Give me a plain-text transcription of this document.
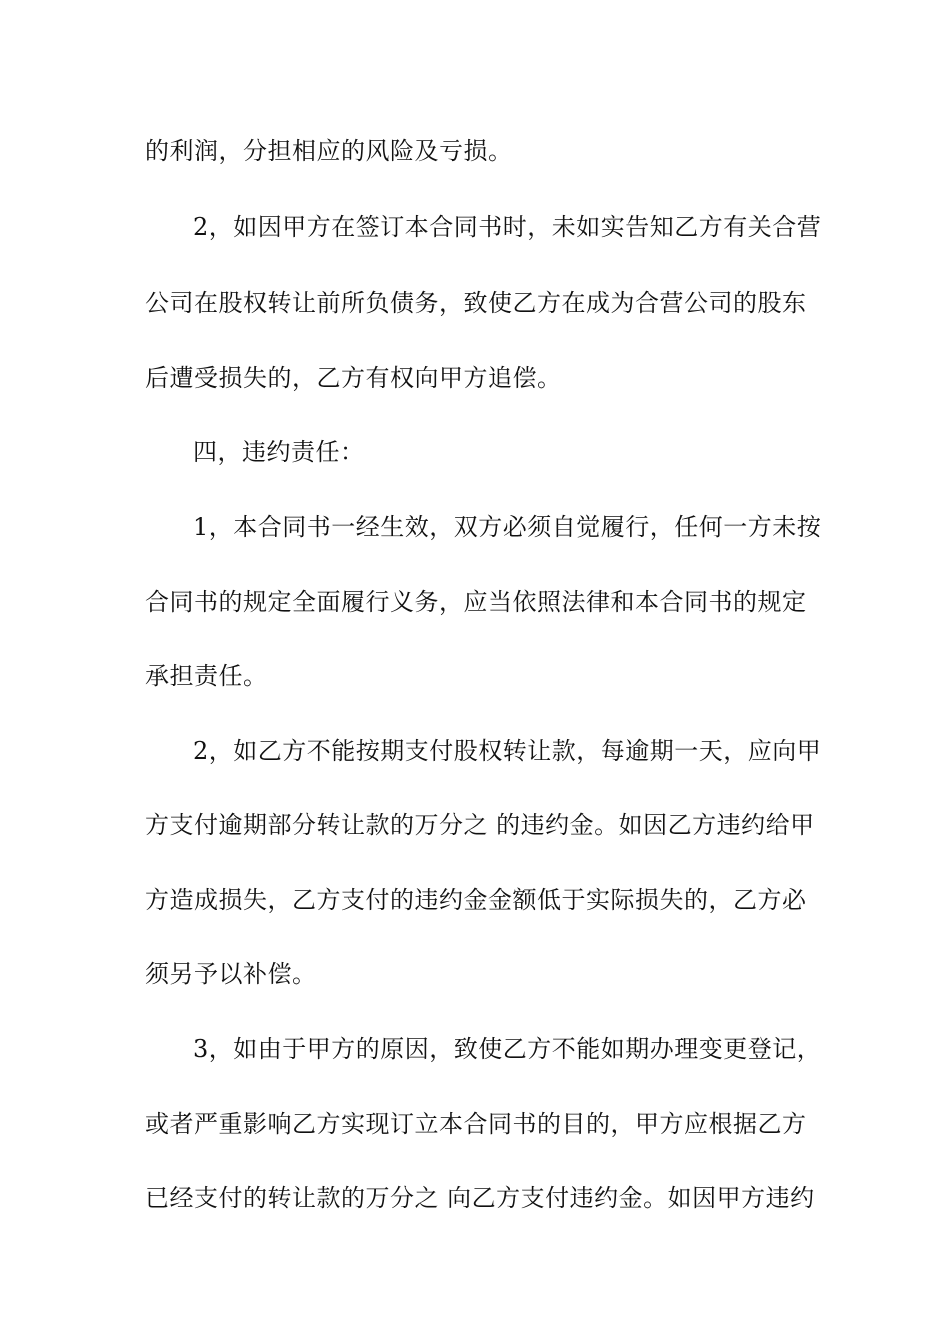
的利润，分担相应的风险及亏损。
2，如因甲方在签订本合同书时，未如实告知乙方有关合营
公司在股权转让前所负债务，致使乙方在成为合营公司的股东
后遭受损失的，乙方有权向甲方追偿。
四，违约责任：
1，本合同书一经生效，双方必须自觉履行，任何一方未按
合同书的规定全面履行义务，应当依照法律和本合同书的规定
承担责任。
2，如乙方不能按期支付股权转让款，每逾期一天，应向甲
方支付逾期部分转让款的万分之 的违约金。如因乙方违约给甲
方造成损失，乙方支付的违约金金额低于实际损失的，乙方必
须另予以补偿。
3，如由于甲方的原因，致使乙方不能如期办理变更登记，
或者严重影响乙方实现订立本合同书的目的，甲方应根据乙方
已经支付的转让款的万分之 向乙方支付违约金。如因甲方违约
